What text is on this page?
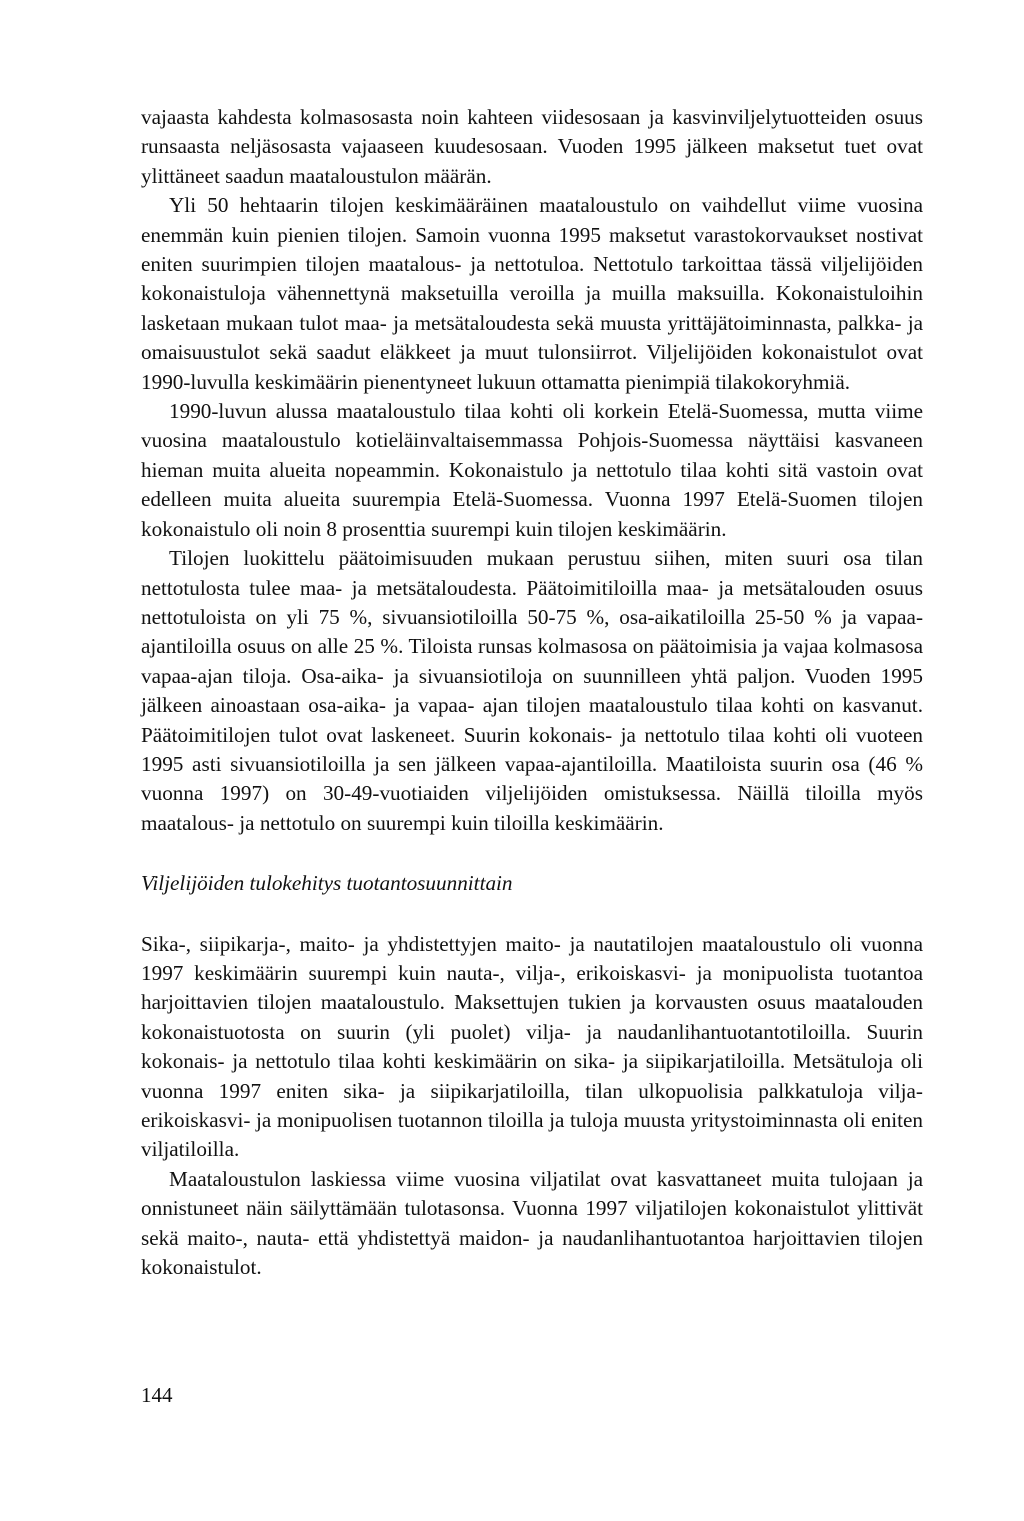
vajaasta kahdesta kolmasosasta noin kahteen viidesosaan ja kasvinviljelytuotteiden osuus runsaasta neljäsosasta vajaaseen kuudesosaan. Vuoden 1995 jälkeen maksetut tuet ovat ylittäneet saadun maataloustulon määrän.

Yli 50 hehtaarin tilojen keskimääräinen maataloustulo on vaihdellut viime vuosina enemmän kuin pienien tilojen. Samoin vuonna 1995 maksetut varastokorvaukset nostivat eniten suurimpien tilojen maatalous- ja nettotuloa. Nettotulo tarkoittaa tässä viljelijöiden kokonaistuloja vähennettynä maksetuilla veroilla ja muilla maksuilla. Kokonaistuloihin lasketaan mukaan tulot maa- ja metsätaloudesta sekä muusta yrittäjätoiminnasta, palkka- ja omaisuustulot sekä saadut eläkkeet ja muut tulonsiirrot. Viljelijöiden kokonaistulot ovat 1990-luvulla keskimäärin pienentyneet lukuun ottamatta pienimpiä tilakokoryhmiä.

1990-luvun alussa maataloustulo tilaa kohti oli korkein Etelä-Suomessa, mutta viime vuosina maataloustulo kotieläinvaltaisemmassa Pohjois-Suomessa näyttäisi kasvaneen hieman muita alueita nopeammin. Kokonaistulo ja nettotulo tilaa kohti sitä vastoin ovat edelleen muita alueita suurempia Etelä-Suomessa. Vuonna 1997 Etelä-Suomen tilojen kokonaistulo oli noin 8 prosenttia suurempi kuin tilojen keskimäärin.

Tilojen luokittelu päätoimisuuden mukaan perustuu siihen, miten suuri osa tilan nettotulosta tulee maa- ja metsätaloudesta. Päätoimitiloilla maa- ja metsätalouden osuus nettotuloista on yli 75 %, sivuansiotiloilla 50-75 %, osa-aikatiloilla 25-50 % ja vapaa-ajantiloilla osuus on alle 25 %. Tiloista runsas kolmasosa on päätoimisia ja vajaa kolmasosa vapaa-ajan tiloja. Osa-aika- ja sivuansiotiloja on suunnilleen yhtä paljon. Vuoden 1995 jälkeen ainoastaan osa-aika- ja vapaa- ajan tilojen maataloustulo tilaa kohti on kasvanut. Päätoimitilojen tulot ovat laskeneet. Suurin kokonais- ja nettotulo tilaa kohti oli vuoteen 1995 asti sivuansiotiloilla ja sen jälkeen vapaa-ajantiloilla. Maatiloista suurin osa (46 % vuonna 1997) on 30-49-vuotiaiden viljelijöiden omistuksessa. Näillä tiloilla myös maatalous- ja nettotulo on suurempi kuin tiloilla keskimäärin.

Viljelijöiden tulokehitys tuotantosuunnittain

Sika-, siipikarja-, maito- ja yhdistettyjen maito- ja nautatilojen maataloustulo oli vuonna 1997 keskimäärin suurempi kuin nauta-, vilja-, erikoiskasvi- ja monipuolista tuotantoa harjoittavien tilojen maataloustulo. Maksettujen tukien ja korvausten osuus maatalouden kokonaistuotosta on suurin (yli puolet) vilja- ja naudanlihantuotantotiloilla. Suurin kokonais- ja nettotulo tilaa kohti keskimäärin on sika- ja siipikarjatiloilla. Metsätuloja oli vuonna 1997 eniten sika- ja siipikarjatiloilla, tilan ulkopuolisia palkkatuloja vilja- erikoiskasvi- ja monipuolisen tuotannon tiloilla ja tuloja muusta yritystoiminnasta oli eniten viljatiloilla.

Maataloustulon laskiessa viime vuosina viljatilat ovat kasvattaneet muita tulojaan ja onnistuneet näin säilyttämään tulotasonsa. Vuonna 1997 viljatilojen kokonaistulot ylittivät sekä maito-, nauta- että yhdistettyä maidon- ja naudanlihantuotantoa harjoittavien tilojen kokonaistulot.

144
